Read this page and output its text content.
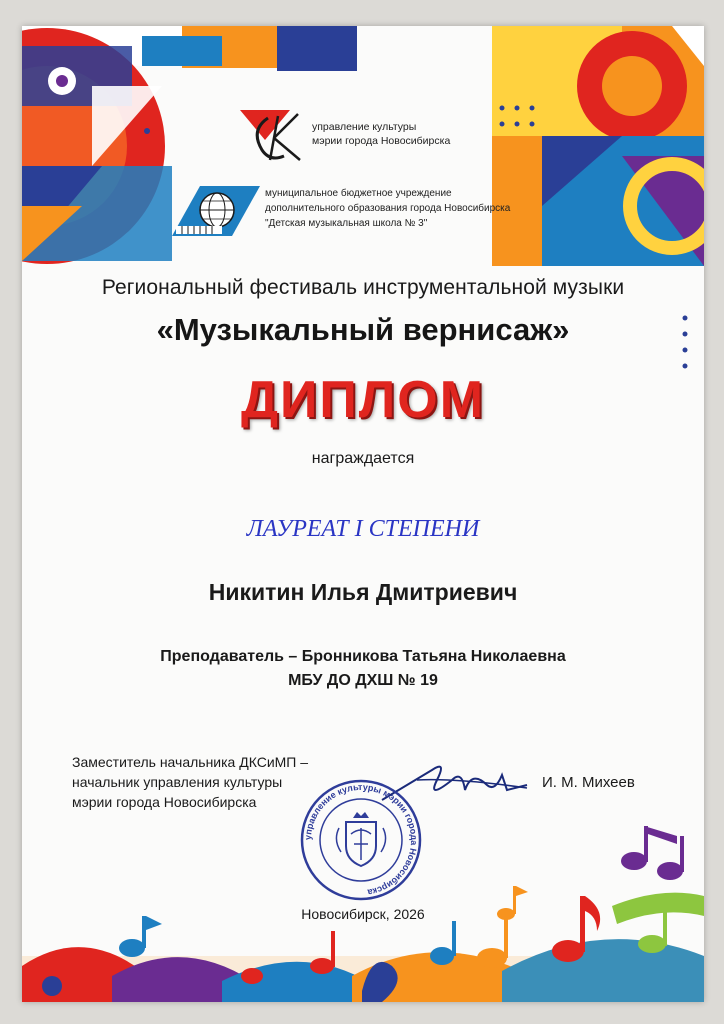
управление культуры
мэрии города Новосибирска
муниципальное бюджетное учреждение
дополнительного образования города Новосибирска
"Детская музыкальная школа № 3"
Региональный фестиваль инструментальной музыки
«Музыкальный вернисаж»
ДИПЛОМ
награждается
ЛАУРЕАТ I СТЕПЕНИ
Никитин Илья Дмитриевич
Преподаватель – Бронникова Татьяна Николаевна
МБУ ДО ДХШ № 19
Заместитель начальника ДКСиМП –
начальник управления культуры
мэрии города Новосибирска
И. М. Михеев
управление культуры мэрии города Новосибирска
Новосибирск, 2026
